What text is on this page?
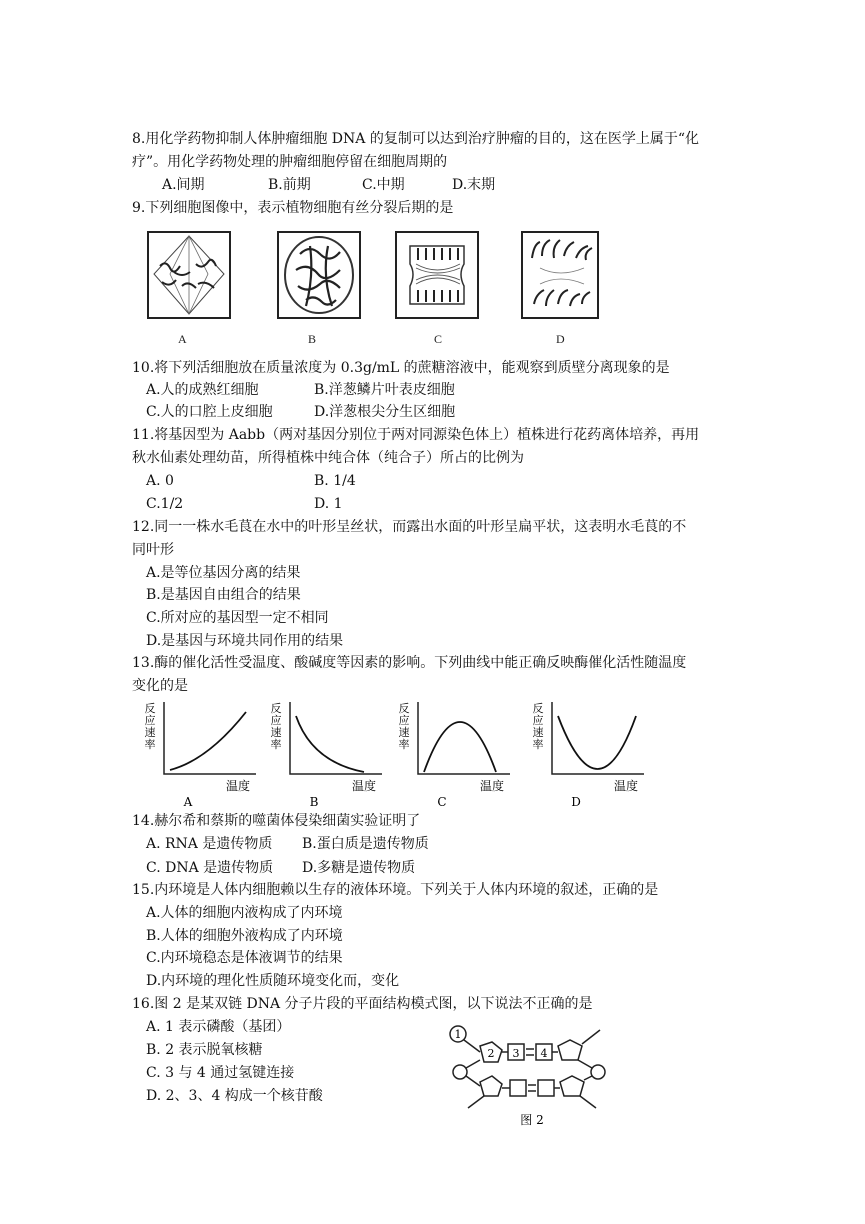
8.用化学药物抑制人体肿瘤细胞 DNA 的复制可以达到治疗肿瘤的目的，这在医学上属于“化
疗”。用化学药物处理的肿瘤细胞停留在细胞周期的
A.间期	B.前期	C.中期	D.末期
9.下列细胞图像中，表示植物细胞有丝分裂后期的是
A	B	C	D
10.将下列活细胞放在质量浓度为 0.3g/mL 的蔗糖溶液中，能观察到质壁分离现象的是
A.人的成熟红细胞	B.洋葱鳞片叶表皮细胞
C.人的口腔上皮细胞	D.洋葱根尖分生区细胞
11.将基因型为 Aabb（两对基因分别位于两对同源染色体上）植株进行花药离体培养，再用
秋水仙素处理幼苗，所得植株中纯合体（纯合子）所占的比例为
A. 0	B. 1/4
C.1/2	D. 1
12.同一一株水毛茛在水中的叶形呈丝状，而露出水面的叶形呈扁平状，这表明水毛茛的不
同叶形
A.是等位基因分离的结果
B.是基因自由组合的结果
C.所对应的基因型一定不相同
D.是基因与环境共同作用的结果
13.酶的催化活性受温度、酸碱度等因素的影响。下列曲线中能正确反映酶催化活性随温度
变化的是
反
应
速
率
温度
A
反
应
速
率
温度
B
反
应
速
率
温度
C
反
应
速
率
温度
D
14.赫尔希和蔡斯的噬菌体侵染细菌实验证明了
A. RNA 是遗传物质 B.蛋白质是遗传物质
C. DNA 是遗传物质 D.多糖是遗传物质
15.内环境是人体内细胞赖以生存的液体环境。下列关于人体内环境的叙述，正确的是
A.人体的细胞内液构成了内环境
B.人体的细胞外液构成了内环境
C.内环境稳态是体液调节的结果
D.内环境的理化性质随环境变化而，变化
16.图 2 是某双链 DNA 分子片段的平面结构模式图，以下说法不正确的是
A. 1 表示磷酸（基团）
B. 2 表示脱氧核糖
C. 3 与 4 通过氢键连接
D. 2、3、4 构成一个核苷酸
1
2 3 4
图 2
